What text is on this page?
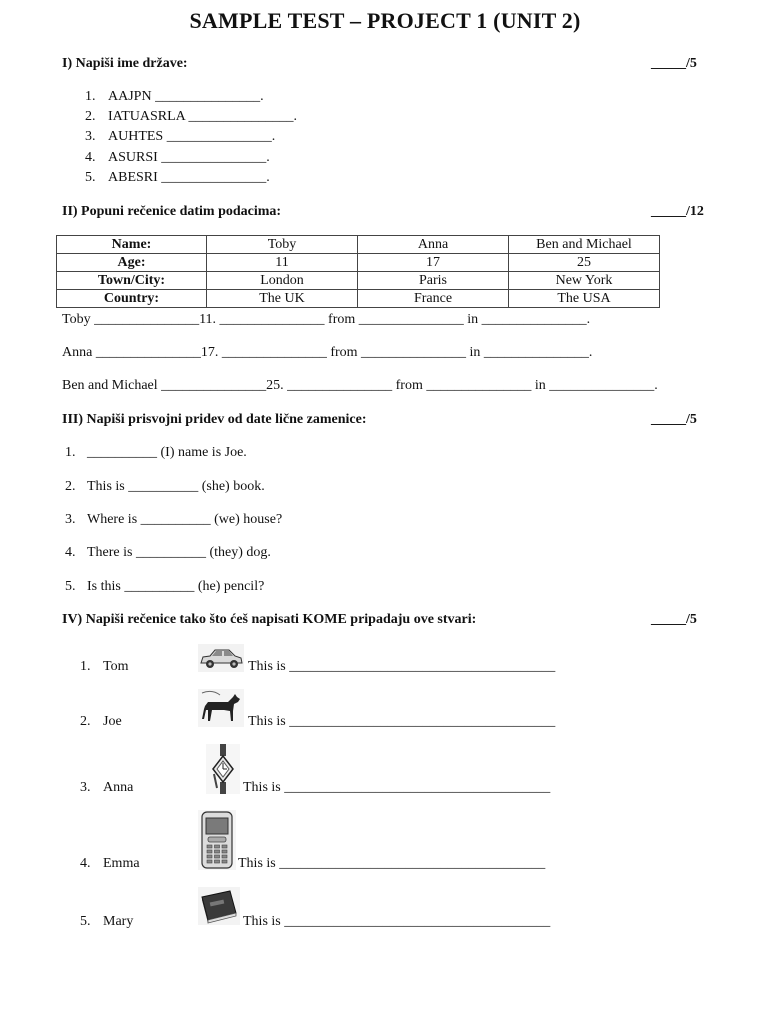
SAMPLE TEST – PROJECT 1 (UNIT 2)
I) Napiši ime države:	_____/5
1. AAJPN _______________.
2. IATUASRLA _______________.
3. AUHTES _______________.
4. ASURSI _______________.
5. ABESRI _______________.
II) Popuni rečenice datim podacima:	_____/12
Name:	Toby	Anna	Ben and Michael
Age:	11	17	25
Town/City:	London	Paris	New York
Country:	The UK	France	The USA
Toby _______________11. _______________ from _______________ in _______________.
Anna _______________17. _______________ from _______________ in _______________.
Ben and Michael _______________25. _______________ from _______________ in _______________.
III) Napiši prisvojni pridev od date lične zamenice:	_____/5
1. __________ (I) name is Joe.
2. This is __________ (she) book.
3. Where is __________ (we) house?
4. There is __________ (they) dog.
5. Is this __________ (he) pencil?
IV) Napiši rečenice tako što ćeš napisati KOME pripadaju ove stvari:	_____/5
1. Tom	This is ______________________________________
2. Joe	This is ______________________________________
3. Anna	This is ______________________________________
4. Emma	This is ______________________________________
5. Mary	This is ______________________________________
